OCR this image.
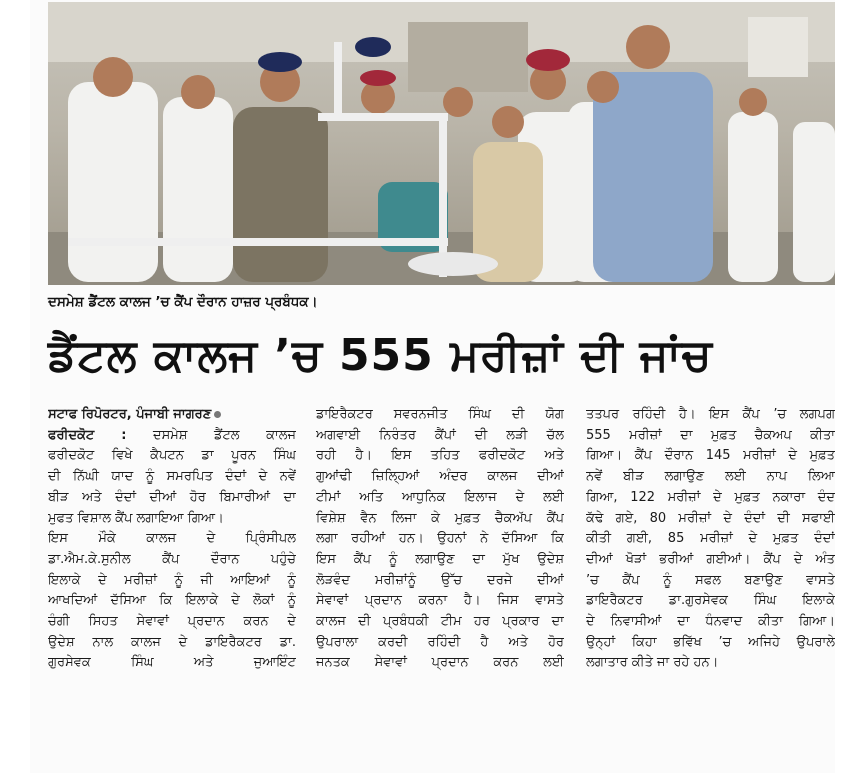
ਦਸਮੇਸ਼ ਡੈਂਟਲ ਕਾਲਜ ’ਚ ਕੈਂਪ ਦੌਰਾਨ ਹਾਜ਼ਰ ਪ੍ਰਬੰਧਕ।
ਡੈਂਟਲ ਕਾਲਜ ’ਚ 555 ਮਰੀਜ਼ਾਂ ਦੀ ਜਾਂਚ
ਸਟਾਫ ਰਿਪੋਰਟਰ, ਪੰਜਾਬੀ ਜਾਗਰਣ
ਫਰੀਦਕੋਟ : ਦਸਮੇਸ਼ ਡੈਂਟਲ ਕਾਲਜ
ਫਰੀਦਕੋਟ ਵਿਖੇ ਕੈਪਟਨ ਡਾ ਪੂਰਨ ਸਿੰਘ
ਦੀ ਨਿੱਘੀ ਯਾਦ ਨੂੰ ਸਮਰਪਿਤ ਦੰਦਾਂ ਦੇ ਨਵੇਂ
ਬੀੜ ਅਤੇ ਦੰਦਾਂ ਦੀਆਂ ਹੋਰ ਬਿਮਾਰੀਆਂ ਦਾ
ਮੁਫਤ ਵਿਸ਼ਾਲ ਕੈਂਪ ਲਗਾਇਆ ਗਿਆ।
ਇਸ ਮੌਕੇ ਕਾਲਜ ਦੇ ਪ੍ਰਿੰਸੀਪਲ
ਡਾ.ਐਮ.ਕੇ.ਸੁਨੀਲ ਕੈਂਪ ਦੌਰਾਨ ਪਹੁੰਚੇ
ਇਲਾਕੇ ਦੇ ਮਰੀਜ਼ਾਂ ਨੂੰ ਜੀ ਆਇਆਂ ਨੂੰ
ਆਖਦਿਆਂ ਦੱਸਿਆ ਕਿ ਇਲਾਕੇ ਦੇ ਲੋਕਾਂ ਨੂੰ
ਚੰਗੀ ਸਿਹਤ ਸੇਵਾਵਾਂ ਪ੍ਰਦਾਨ ਕਰਨ ਦੇ
ਉਦੇਸ਼ ਨਾਲ ਕਾਲਜ ਦੇ ਡਾਇਰੈਕਟਰ ਡਾ.
ਗੁਰਸੇਵਕ ਸਿੰਘ ਅਤੇ ਜੁਆਇੰਟ
ਡਾਇਰੈਕਟਰ ਸਵਰਨਜੀਤ ਸਿੰਘ ਦੀ ਯੋਗ
ਅਗਵਾਈ ਨਿਰੰਤਰ ਕੈਂਪਾਂ ਦੀ ਲੜੀ ਚੱਲ
ਰਹੀ ਹੈ। ਇਸ ਤਹਿਤ ਫਰੀਦਕੋਟ ਅਤੇ
ਗੁਆਂਢੀ ਜ਼ਿਲ੍ਹਿਆਂ ਅੰਦਰ ਕਾਲਜ ਦੀਆਂ
ਟੀਮਾਂ ਅਤਿ ਆਧੁਨਿਕ ਇਲਾਜ ਦੇ ਲਈ
ਵਿਸ਼ੇਸ਼ ਵੈਨ ਲਿਜਾ ਕੇ ਮੁਫ਼ਤ ਚੈਕਅੱਪ ਕੈਂਪ
ਲਗਾ ਰਹੀਆਂ ਹਨ। ਉਹਨਾਂ ਨੇ ਦੱਸਿਆ ਕਿ
ਇਸ ਕੈਂਪ ਨੂੰ ਲਗਾਉਣ ਦਾ ਮੁੱਖ ਉਦੇਸ਼
ਲੋੜਵੰਦ ਮਰੀਜ਼ਾਂਨੂੰ ਉੱਚ ਦਰਜੇ ਦੀਆਂ
ਸੇਵਾਵਾਂ ਪ੍ਰਦਾਨ ਕਰਨਾ ਹੈ। ਜਿਸ ਵਾਸਤੇ
ਕਾਲਜ ਦੀ ਪ੍ਰਬੰਧਕੀ ਟੀਮ ਹਰ ਪ੍ਰਕਾਰ ਦਾ
ਉਪਰਾਲਾ ਕਰਦੀ ਰਹਿੰਦੀ ਹੈ ਅਤੇ ਹੋਰ
ਜਨਤਕ ਸੇਵਾਵਾਂ ਪ੍ਰਦਾਨ ਕਰਨ ਲਈ
ਤਤਪਰ ਰਹਿੰਦੀ ਹੈ। ਇਸ ਕੈਂਪ ’ਚ ਲਗਪਗ
555 ਮਰੀਜ਼ਾਂ ਦਾ ਮੁਫ਼ਤ ਚੈਕਅਪ ਕੀਤਾ
ਗਿਆ। ਕੈਂਪ ਦੌਰਾਨ 145 ਮਰੀਜ਼ਾਂ ਦੇ ਮੁਫ਼ਤ
ਨਵੇਂ ਬੀੜ ਲਗਾਉਣ ਲਈ ਨਾਪ ਲਿਆ
ਗਿਆ, 122 ਮਰੀਜ਼ਾਂ ਦੇ ਮੁਫ਼ਤ ਨਕਾਰਾ ਦੰਦ
ਕੱਢੇ ਗਏ, 80 ਮਰੀਜ਼ਾਂ ਦੇ ਦੰਦਾਂ ਦੀ ਸਫਾਈ
ਕੀਤੀ ਗਈ, 85 ਮਰੀਜ਼ਾਂ ਦੇ ਮੁਫ਼ਤ ਦੰਦਾਂ
ਦੀਆਂ ਖੋੜਾਂ ਭਰੀਆਂ ਗਈਆਂ। ਕੈਂਪ ਦੇ ਅੰਤ
’ਚ ਕੈਂਪ ਨੂੰ ਸਫਲ ਬਣਾਉਣ ਵਾਸਤੇ
ਡਾਇਰੈਕਟਰ ਡਾ.ਗੁਰਸੇਵਕ ਸਿੰਘ ਇਲਾਕੇ
ਦੇ ਨਿਵਾਸੀਆਂ ਦਾ ਧੰਨਵਾਦ ਕੀਤਾ ਗਿਆ।
ਉਨ੍ਹਾਂ ਕਿਹਾ ਭਵਿੱਖ ’ਚ ਅਜਿਹੇ ਉਪਰਾਲੇ
ਲਗਾਤਾਰ ਕੀਤੇ ਜਾ ਰਹੇ ਹਨ।
